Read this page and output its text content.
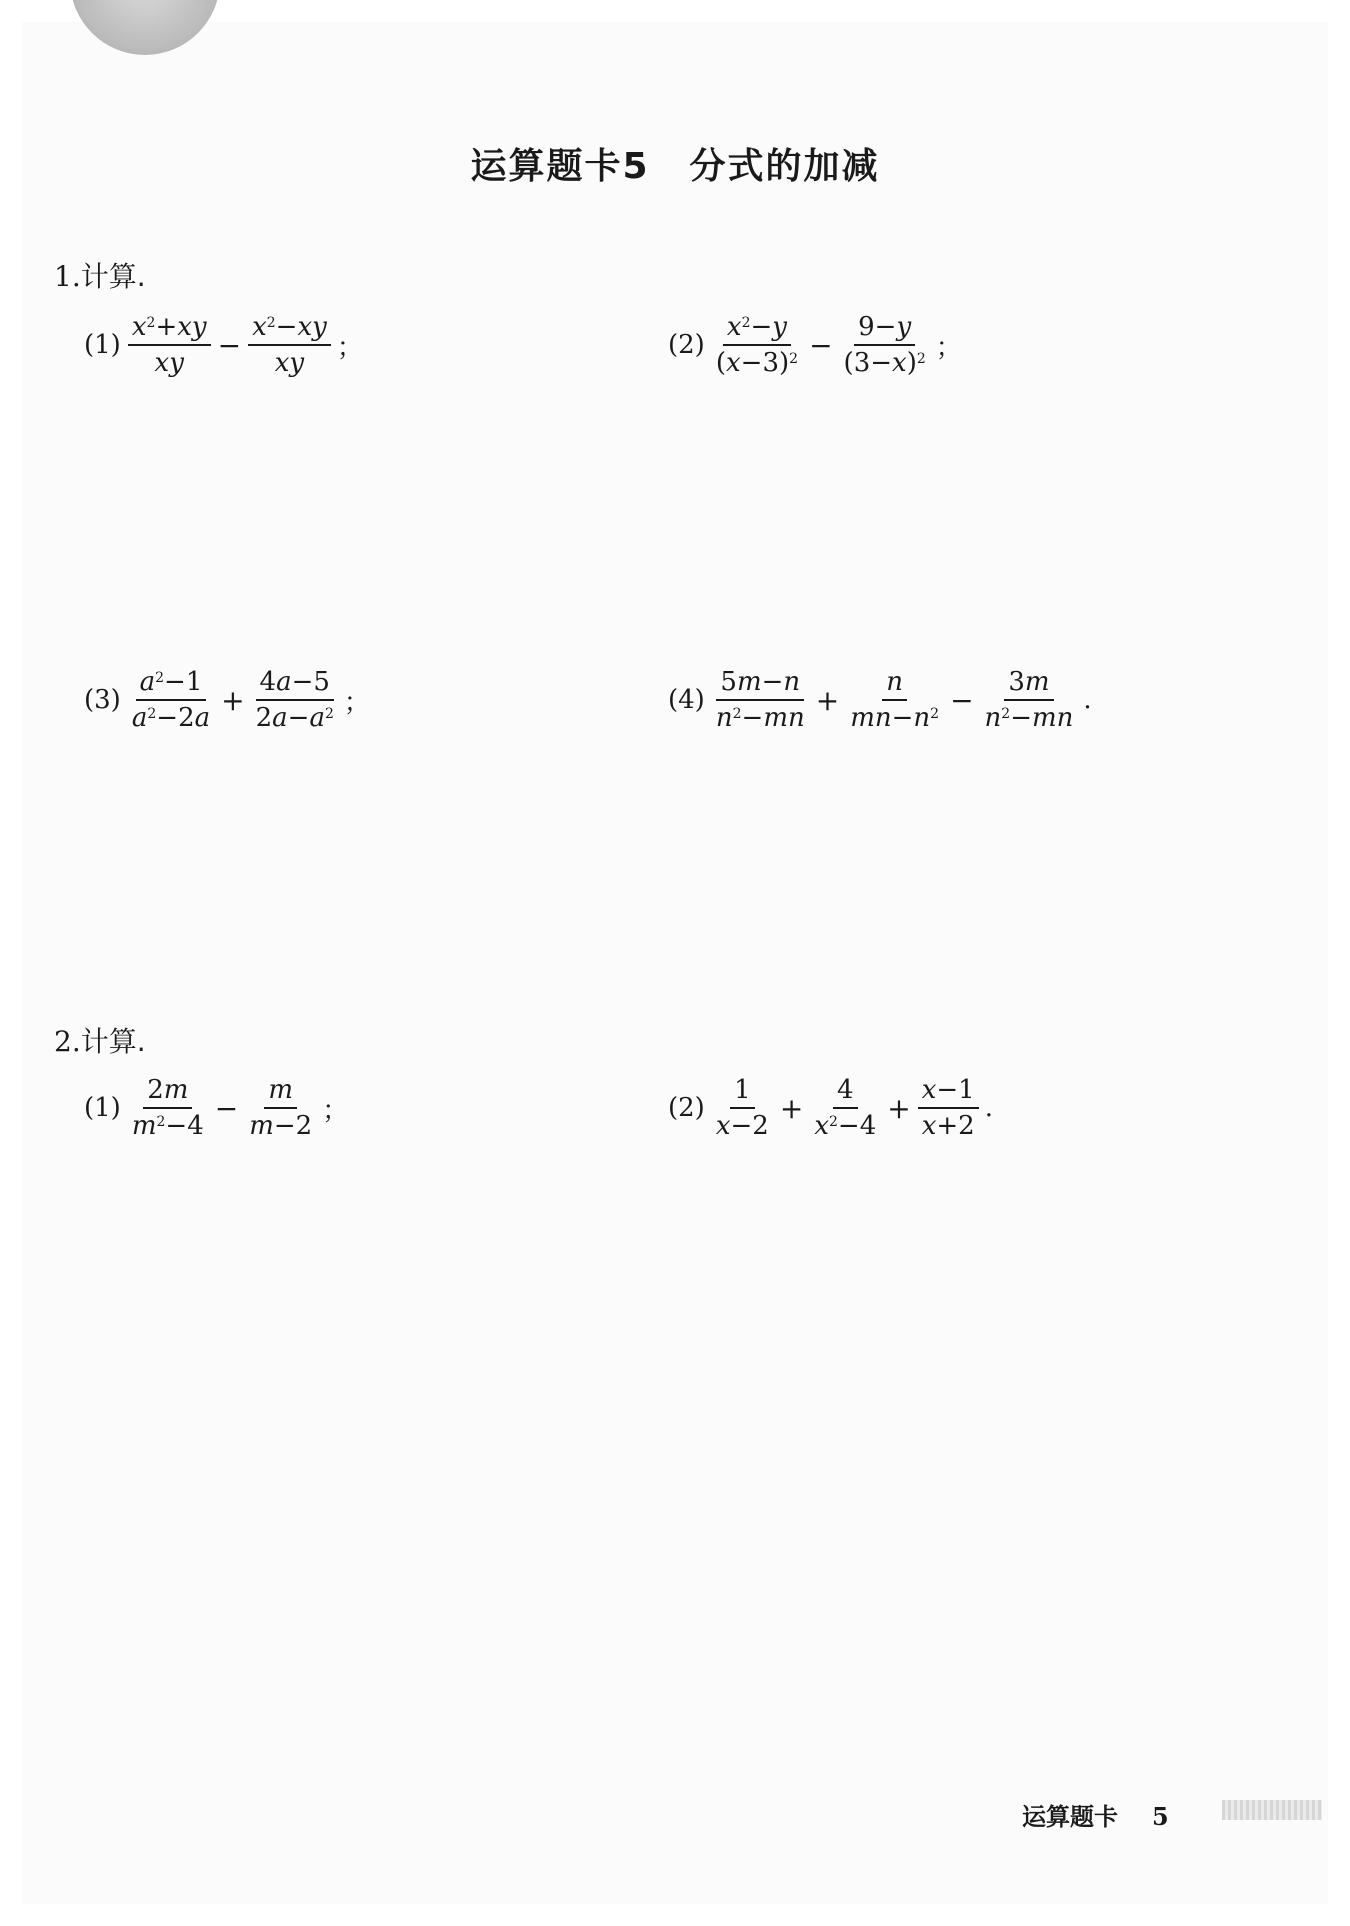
运算题卡5 分式的加减
1.计算.
$(1) \frac{x^2+xy}{xy} - \frac{x^2-xy}{xy}$ ；	$(2) \frac{x^2-y}{(x-3)^2} - \frac{9-y}{(3-x)^2}$ ；
$(3) \frac{a^2-1}{a^2-2a} + \frac{4a-5}{2a-a^2}$ ；	$(4) \frac{5m-n}{n^2-mn} + \frac{n}{mn-n^2} - \frac{3m}{n^2-mn}$ .
2.计算.
$(1) \frac{2m}{m^2-4} - \frac{m}{m-2}$ ；	$(2) \frac{1}{x-2} + \frac{4}{x^2-4} + \frac{x-1}{x+2}$ .
运算题卡 5
